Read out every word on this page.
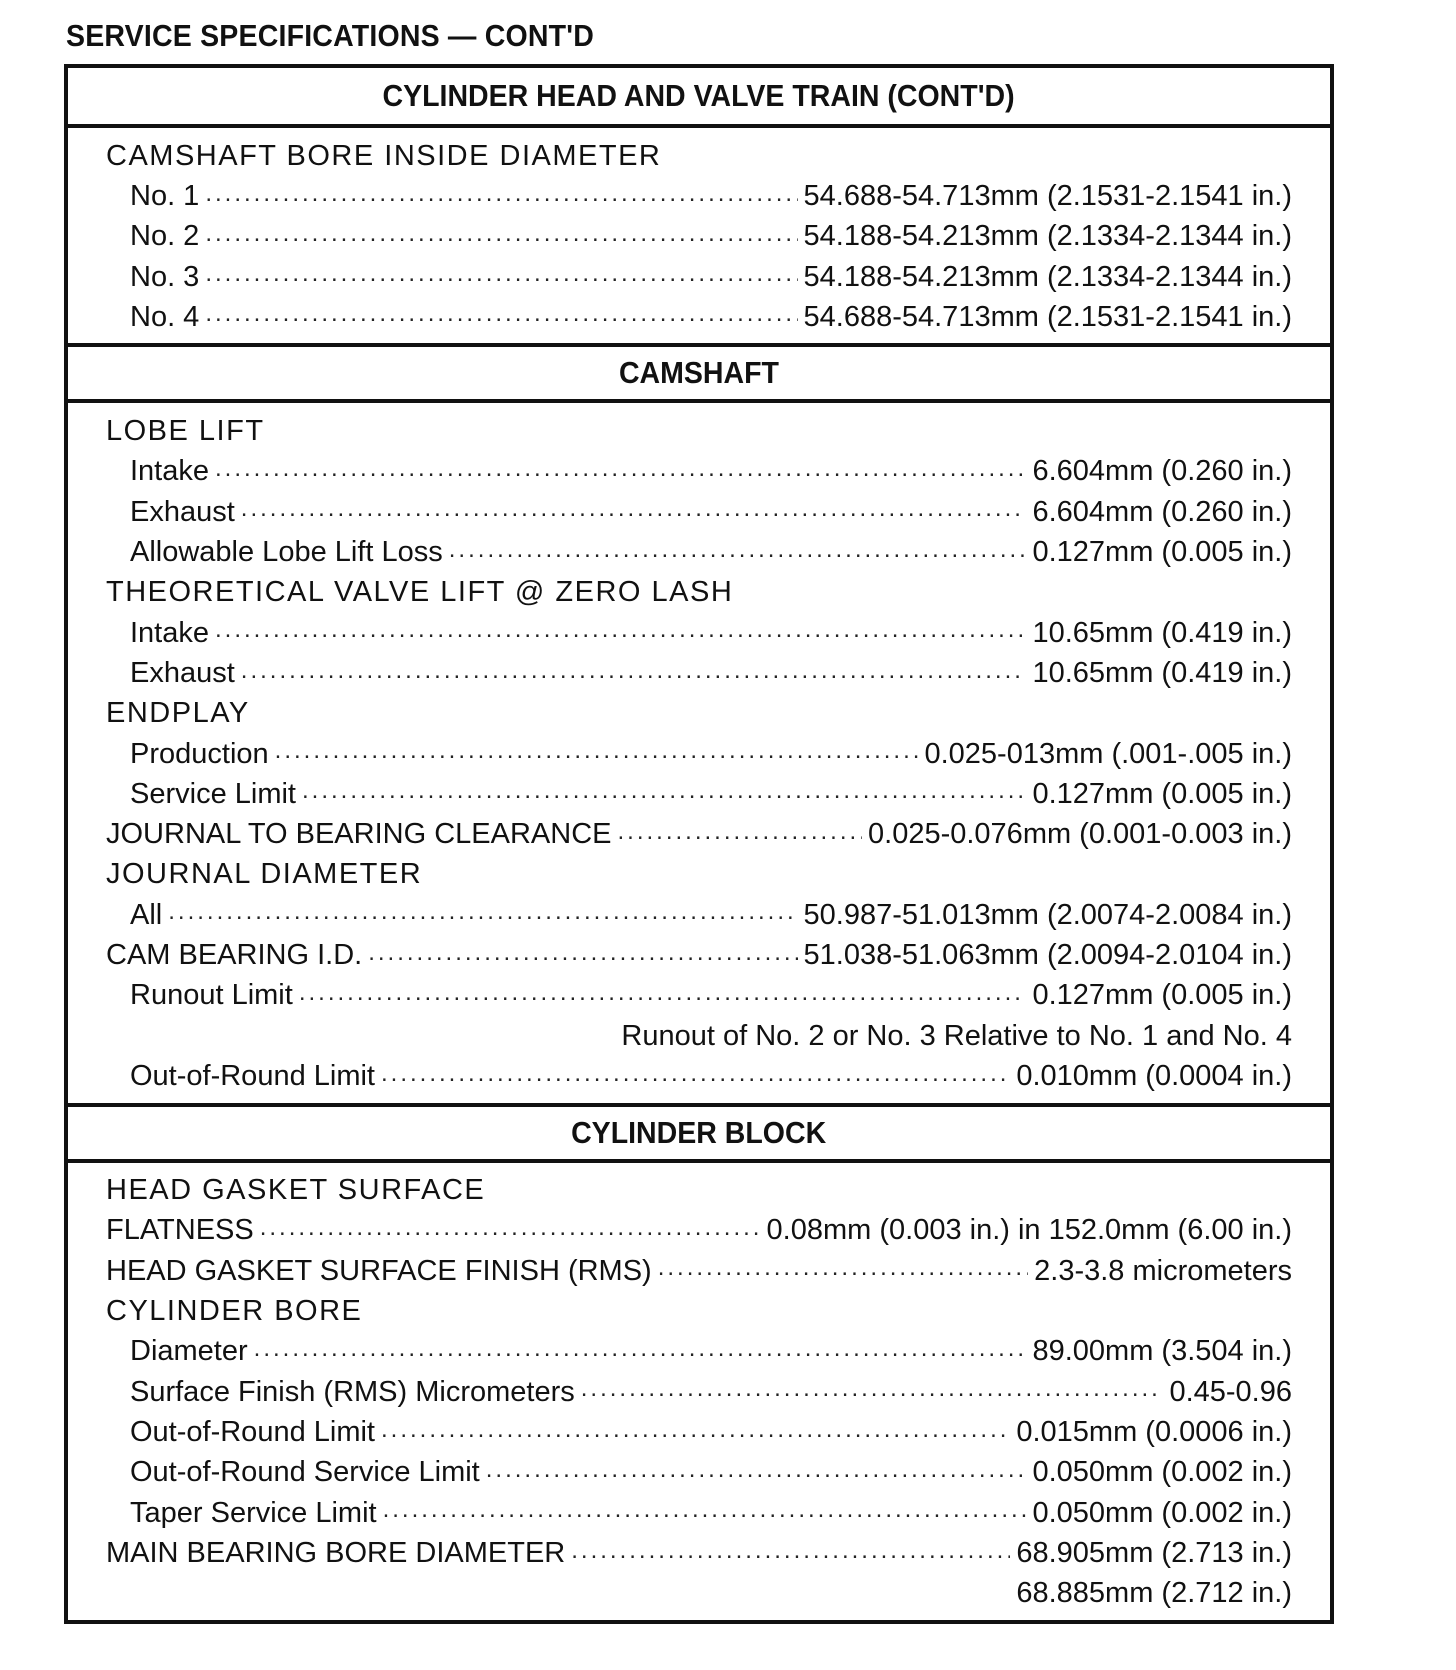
SERVICE SPECIFICATIONS — CONT'D
CYLINDER HEAD AND VALVE TRAIN (CONT'D)
CAMSHAFT BORE INSIDE DIAMETER
No. 1 .....	54.688-54.713mm (2.1531-2.1541 in.)
No. 2 .....	54.188-54.213mm (2.1334-2.1344 in.)
No. 3 .....	54.188-54.213mm (2.1334-2.1344 in.)
No. 4 .....	54.688-54.713mm (2.1531-2.1541 in.)
CAMSHAFT
LOBE LIFT
Intake .....	6.604mm (0.260 in.)
Exhaust .....	6.604mm (0.260 in.)
Allowable Lobe Lift Loss .....	0.127mm (0.005 in.)
THEORETICAL VALVE LIFT @ ZERO LASH
Intake .....	10.65mm (0.419 in.)
Exhaust .....	10.65mm (0.419 in.)
ENDPLAY
Production .....	0.025-013mm (.001-.005 in.)
Service Limit .....	0.127mm (0.005 in.)
JOURNAL TO BEARING CLEARANCE .....	0.025-0.076mm (0.001-0.003 in.)
JOURNAL DIAMETER
All .....	50.987-51.013mm (2.0074-2.0084 in.)
CAM BEARING I.D. .....	51.038-51.063mm (2.0094-2.0104 in.)
Runout Limit .....	0.127mm (0.005 in.)
Runout of No. 2 or No. 3 Relative to No. 1 and No. 4
Out-of-Round Limit .....	0.010mm (0.0004 in.)
CYLINDER BLOCK
HEAD GASKET SURFACE
FLATNESS .....	0.08mm (0.003 in.) in 152.0mm (6.00 in.)
HEAD GASKET SURFACE FINISH (RMS) .....	2.3-3.8 micrometers
CYLINDER BORE
Diameter .....	89.00mm (3.504 in.)
Surface Finish (RMS) Micrometers .....	0.45-0.96
Out-of-Round Limit .....	0.015mm (0.0006 in.)
Out-of-Round Service Limit .....	0.050mm (0.002 in.)
Taper Service Limit .....	0.050mm (0.002 in.)
MAIN BEARING BORE DIAMETER .....	68.905mm (2.713 in.)
68.885mm (2.712 in.)
